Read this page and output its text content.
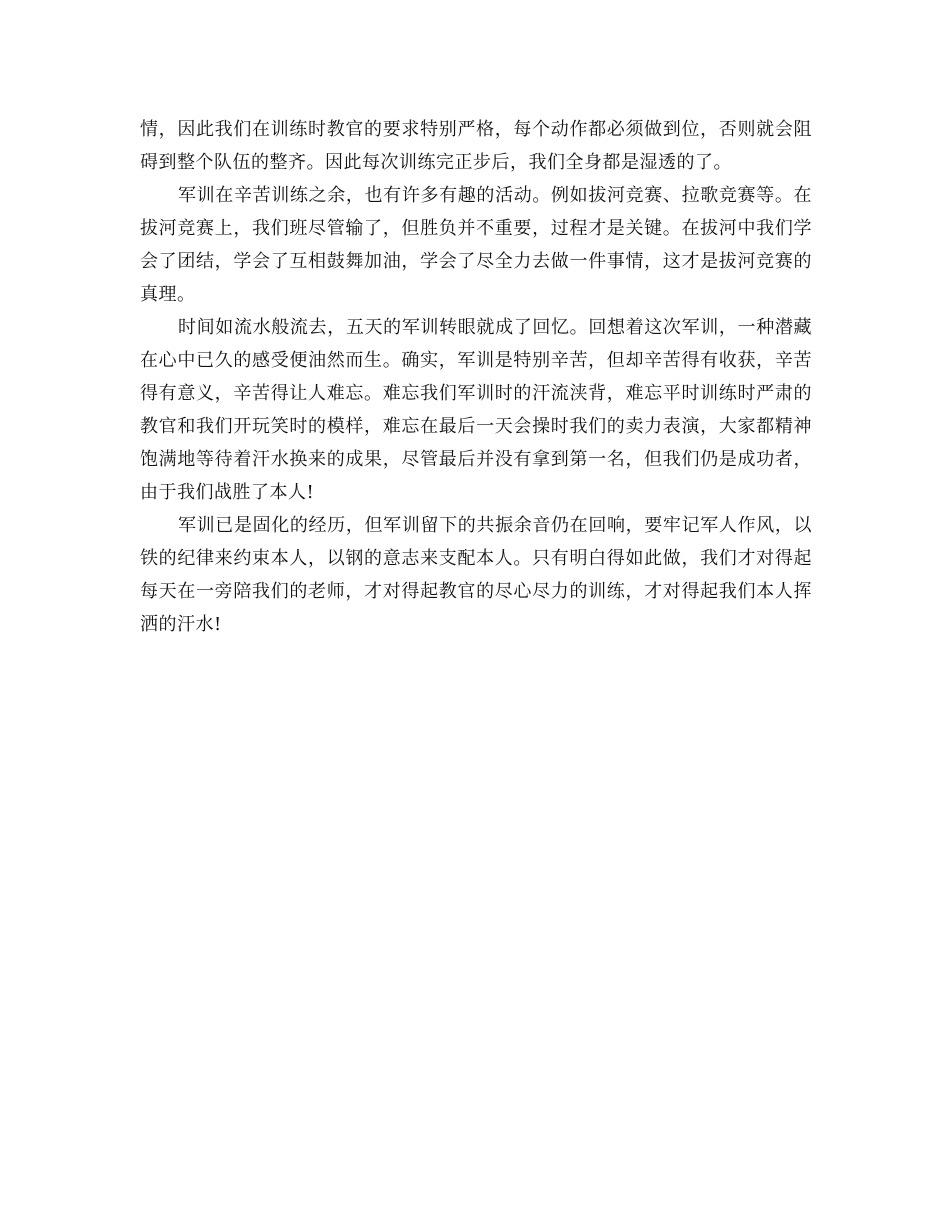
情，因此我们在训练时教官的要求特别严格，每个动作都必须做到位，否则就会阻碍到整个队伍的整齐。因此每次训练完正步后，我们全身都是湿透的了。

军训在辛苦训练之余，也有许多有趣的活动。例如拔河竞赛、拉歌竞赛等。在拔河竞赛上，我们班尽管输了，但胜负并不重要，过程才是关键。在拔河中我们学会了团结，学会了互相鼓舞加油，学会了尽全力去做一件事情，这才是拔河竞赛的真理。

时间如流水般流去，五天的军训转眼就成了回忆。回想着这次军训，一种潜藏在心中已久的感受便油然而生。确实，军训是特别辛苦，但却辛苦得有收获，辛苦得有意义，辛苦得让人难忘。难忘我们军训时的汗流浃背，难忘平时训练时严肃的教官和我们开玩笑时的模样，难忘在最后一天会操时我们的卖力表演，大家都精神饱满地等待着汗水换来的成果，尽管最后并没有拿到第一名，但我们仍是成功者，由于我们战胜了本人!

军训已是固化的经历，但军训留下的共振余音仍在回响，要牢记军人作风，以铁的纪律来约束本人，以钢的意志来支配本人。只有明白得如此做，我们才对得起每天在一旁陪我们的老师，才对得起教官的尽心尽力的训练，才对得起我们本人挥洒的汗水!
